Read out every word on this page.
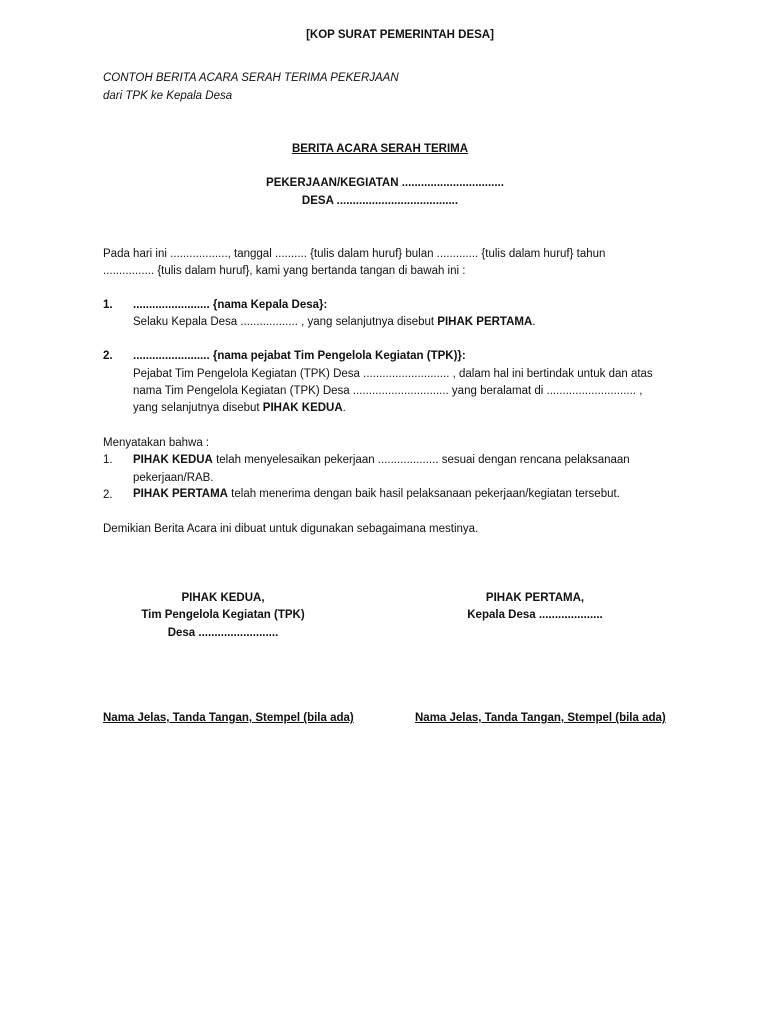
[KOP SURAT PEMERINTAH DESA]
CONTOH BERITA ACARA SERAH TERIMA PEKERJAAN
dari TPK ke Kepala Desa
BERITA ACARA SERAH TERIMA
PEKERJAAN/KEGIATAN ................................
DESA ......................................
Pada hari ini .................., tanggal .......... {tulis dalam huruf} bulan ............. {tulis dalam huruf} tahun
................ {tulis dalam huruf}, kami yang bertanda tangan di bawah ini :
1. ........................ {nama Kepala Desa}:
Selaku Kepala Desa .................. , yang selanjutnya disebut PIHAK PERTAMA.
2. ........................ {nama pejabat Tim Pengelola Kegiatan (TPK)}:
Pejabat Tim Pengelola Kegiatan (TPK) Desa ........................... , dalam hal ini bertindak untuk dan atas
nama Tim Pengelola Kegiatan (TPK) Desa .............................. yang beralamat di ............................ ,
yang selanjutnya disebut PIHAK KEDUA.
Menyatakan bahwa :
1. PIHAK KEDUA telah menyelesaikan pekerjaan ................... sesuai dengan rencana pelaksanaan
pekerjaan/RAB.
2. PIHAK PERTAMA telah menerima dengan baik hasil pelaksanaan pekerjaan/kegiatan tersebut.
Demikian Berita Acara ini dibuat untuk digunakan sebagaimana mestinya.
PIHAK KEDUA,
Tim Pengelola Kegiatan (TPK)
Desa .........................
Nama Jelas, Tanda Tangan, Stempel (bila ada)
PIHAK PERTAMA,
Kepala Desa ....................
Nama Jelas, Tanda Tangan, Stempel (bila ada)
